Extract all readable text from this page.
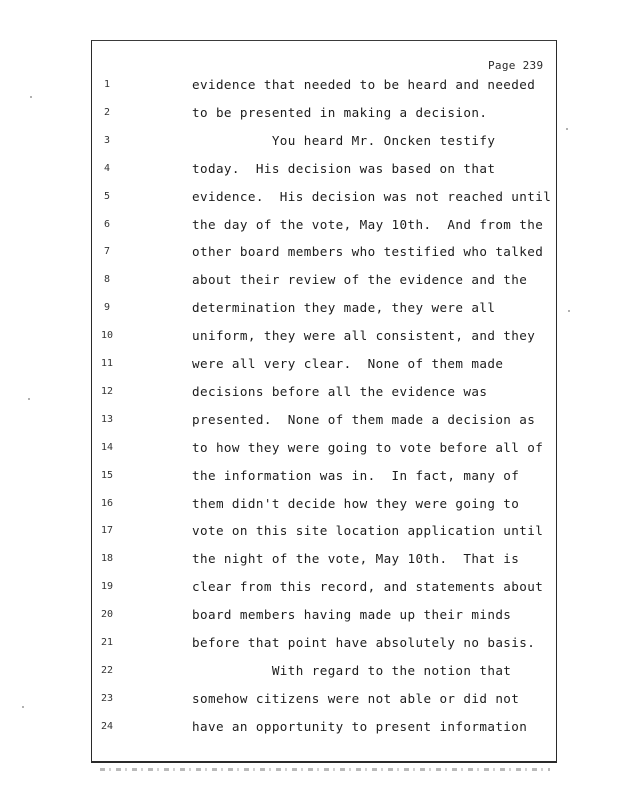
Page 239
1	evidence that needed to be heard and needed
2	to be presented in making a decision.
3	You heard Mr. Oncken testify
4	today.  His decision was based on that
5	evidence.  His decision was not reached until
6	the day of the vote, May 10th.  And from the
7	other board members who testified who talked
8	about their review of the evidence and the
9	determination they made, they were all
10	uniform, they were all consistent, and they
11	were all very clear.  None of them made
12	decisions before all the evidence was
13	presented.  None of them made a decision as
14	to how they were going to vote before all of
15	the information was in.  In fact, many of
16	them didn't decide how they were going to
17	vote on this site location application until
18	the night of the vote, May 10th.  That is
19	clear from this record, and statements about
20	board members having made up their minds
21	before that point have absolutely no basis.
22	With regard to the notion that
23	somehow citizens were not able or did not
24	have an opportunity to present information
